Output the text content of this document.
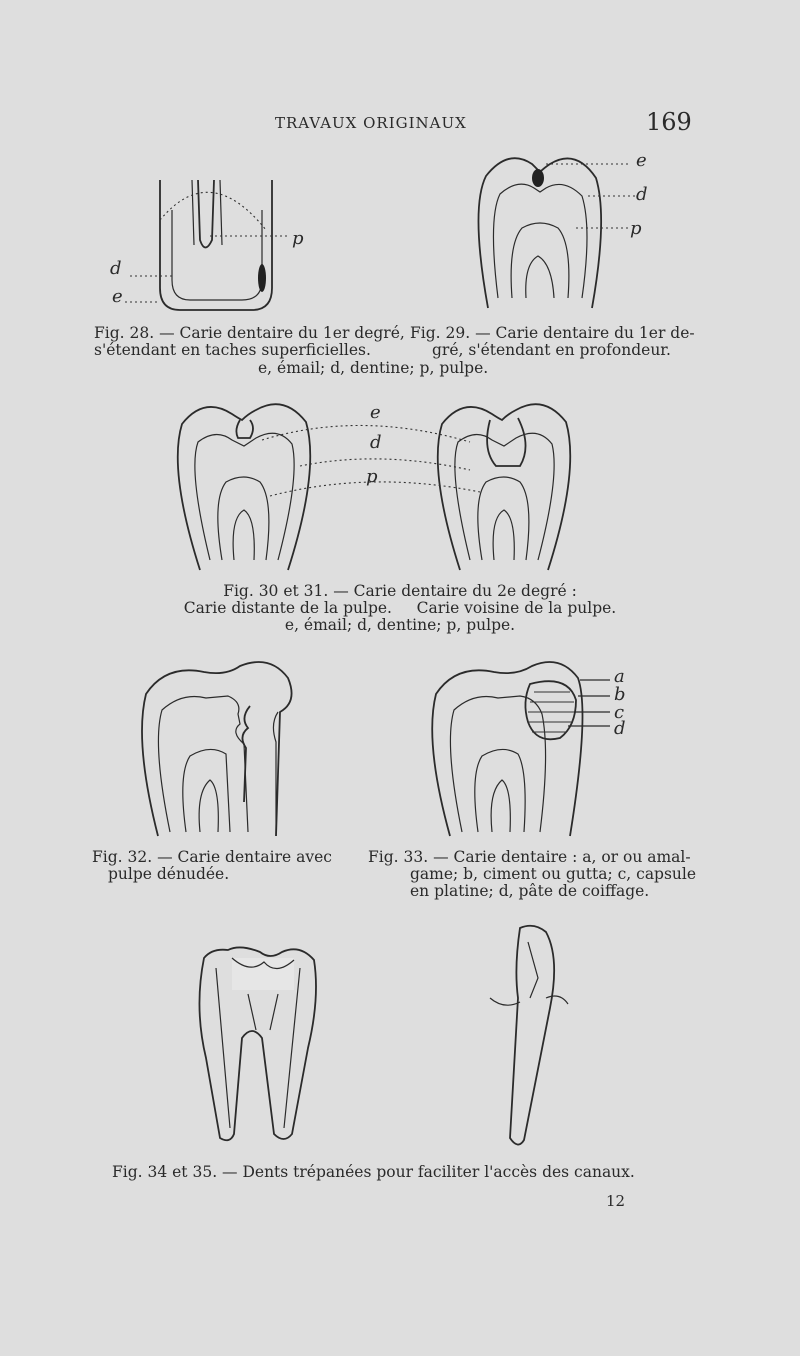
TRAVAUX ORIGINAUX	169
d
e
p
e
d
p
Fig. 28. — Carie dentaire du 1er degré,
s'étendant en taches superficielles.
Fig. 29. — Carie dentaire du 1er de-
gré, s'étendant en profondeur.
e, émail; d, dentine; p, pulpe.
e
d
p
Fig. 30 et 31. — Carie dentaire du 2e degré :
Carie distante de la pulpe.     Carie voisine de la pulpe.
e, émail; d, dentine; p, pulpe.
a
b
c
d
Fig. 32. — Carie dentaire avec
pulpe dénudée.
Fig. 33. — Carie dentaire : a, or ou amal-
game; b, ciment ou gutta; c, capsule
en platine; d, pâte de coiffage.
Fig. 34 et 35. — Dents trépanées pour faciliter l'accès des canaux.
12
